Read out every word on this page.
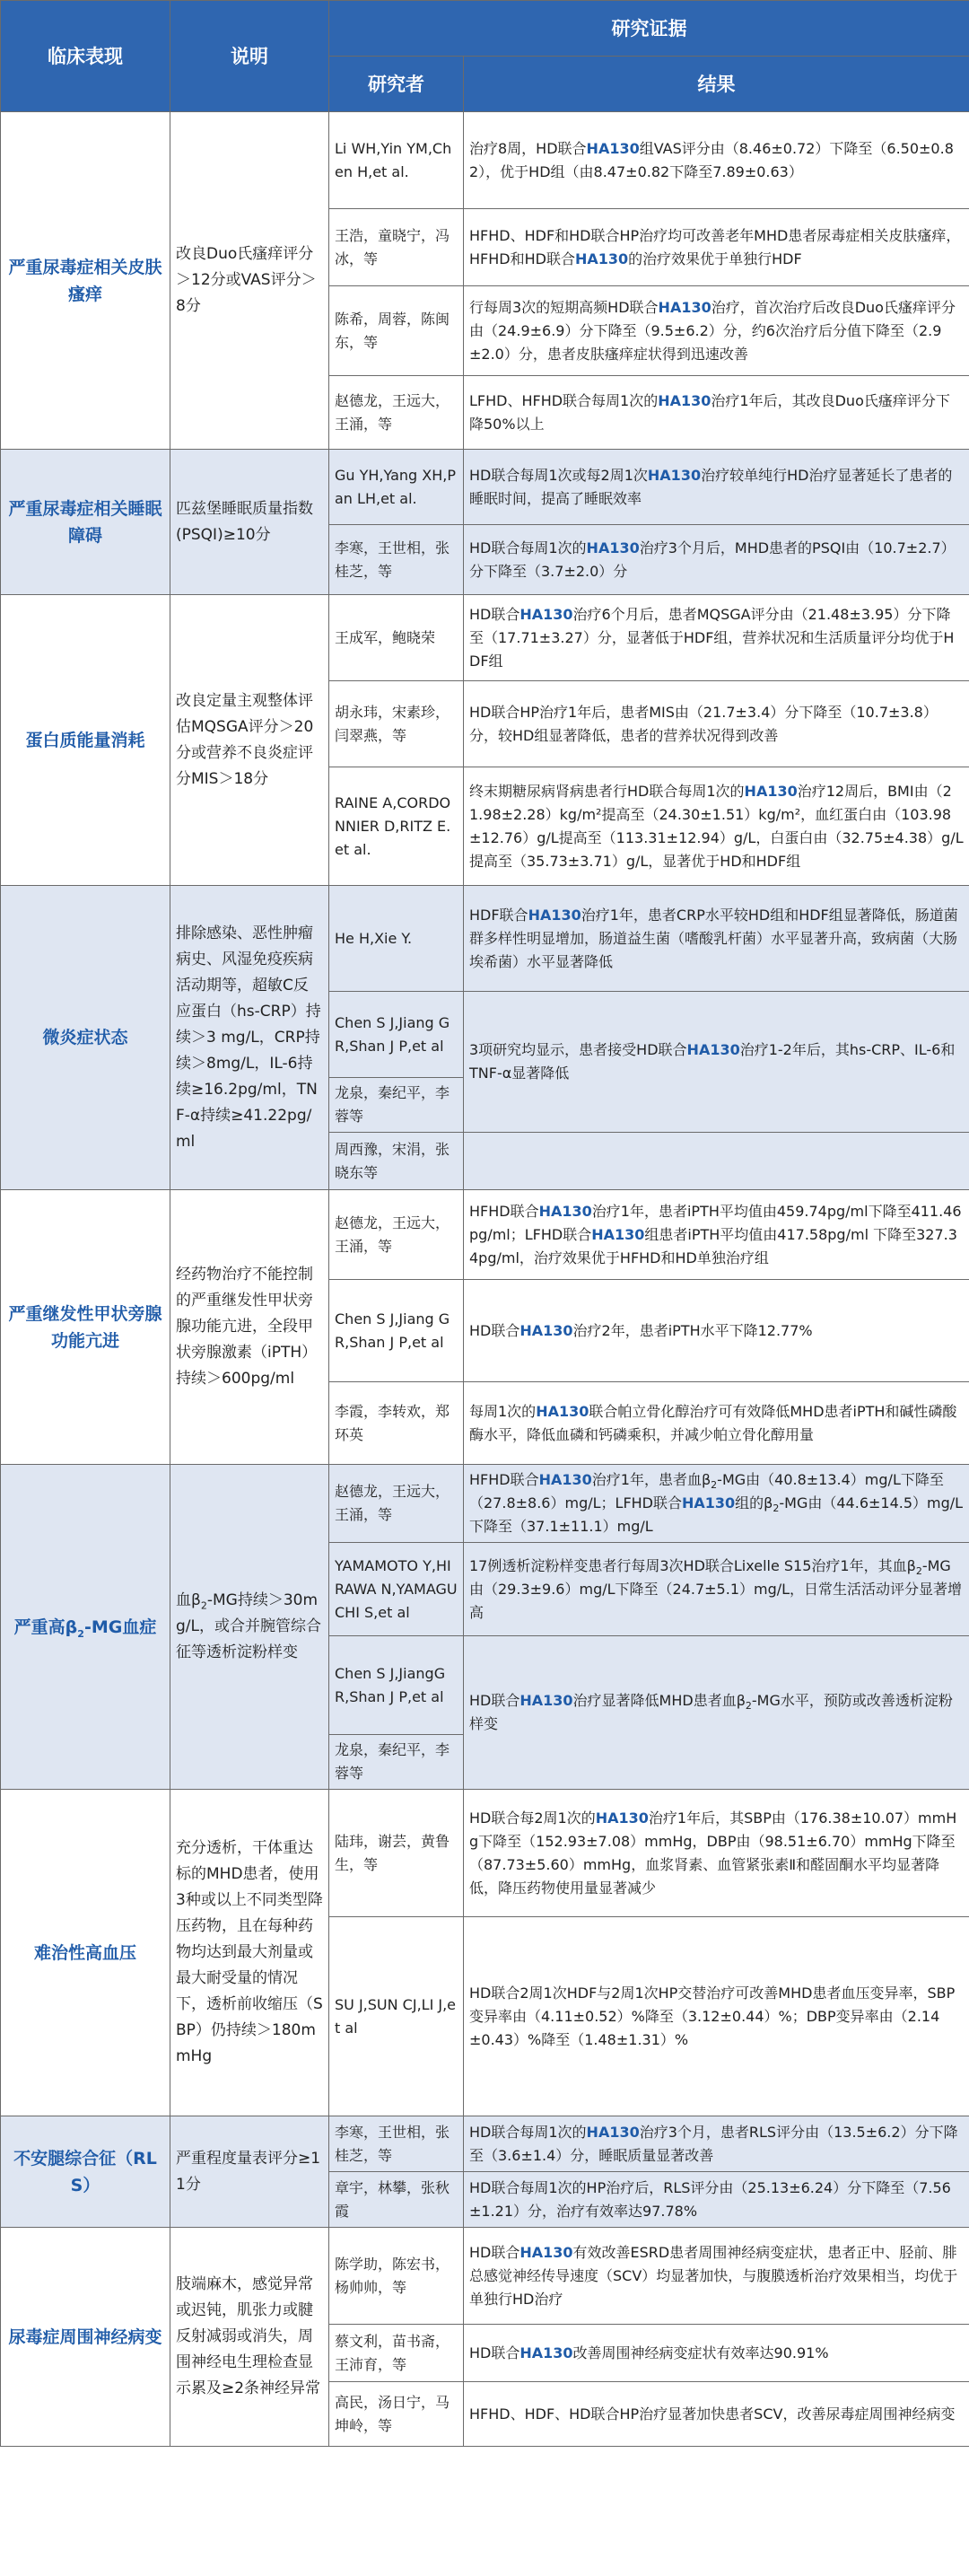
临床表现	说明	研究证据	
		研究者	结果
严重尿毒症相关皮肤瘙痒	改良Duo氏瘙痒评分＞12分或VAS评分＞8分	Li WH,Yin YM,Chen H,et al.	治疗8周，HD联合HA130组VAS评分由（8.46±0.72）下降至（6.50±0.82），优于HD组（由8.47±0.82下降至7.89±0.63）
		王浩，童晓宁，冯冰，等	HFHD、HDF和HD联合HP治疗均可改善老年MHD患者尿毒症相关皮肤瘙痒，HFHD和HD联合HA130的治疗效果优于单独行HDF
		陈希，周蓉，陈闽东，等	行每周3次的短期高频HD联合HA130治疗，首次治疗后改良Duo氏瘙痒评分由（24.9±6.9）分下降至（9.5±6.2）分，约6次治疗后分值下降至（2.9±2.0）分，患者皮肤瘙痒症状得到迅速改善
		赵德龙，王远大，王涌，等	LFHD、HFHD联合每周1次的HA130治疗1年后，其改良Duo氏瘙痒评分下降50%以上
严重尿毒症相关睡眠障碍	匹兹堡睡眠质量指数(PSQI)≥10分	Gu YH,Yang XH,Pan LH,et al.	HD联合每周1次或每2周1次HA130治疗较单纯行HD治疗显著延长了患者的睡眠时间，提高了睡眠效率
		李寒，王世相，张桂芝，等	HD联合每周1次的HA130治疗3个月后，MHD患者的PSQI由（10.7±2.7）分下降至（3.7±2.0）分
蛋白质能量消耗	改良定量主观整体评估MQSGA评分＞20分或营养不良炎症评分MIS＞18分	王成军，鲍晓荣	HD联合HA130治疗6个月后，患者MQSGA评分由（21.48±3.95）分下降至（17.71±3.27）分，显著低于HDF组，营养状况和生活质量评分均优于HDF组
		胡永玮，宋素珍，闫翠燕，等	HD联合HP治疗1年后，患者MIS由（21.7±3.4）分下降至（10.7±3.8）分，较HD组显著降低，患者的营养状况得到改善
		RAINE A,CORDONNIER D,RITZ E.et al.	终末期糖尿病肾病患者行HD联合每周1次的HA130治疗12周后，BMI由（21.98±2.28）kg/m²提高至（24.30±1.51）kg/m²，血红蛋白由（103.98±12.76）g/L提高至（113.31±12.94）g/L，白蛋白由（32.75±4.38）g/L提高至（35.73±3.71）g/L，显著优于HD和HDF组
微炎症状态	排除感染、恶性肿瘤病史、风湿免疫疾病活动期等，超敏C反应蛋白（hs-CRP）持续＞3 mg/L，CRP持续＞8mg/L，IL-6持续≥16.2pg/ml，TNF-α持续≥41.22pg/ml	He H,Xie Y.	HDF联合HA130治疗1年，患者CRP水平较HD组和HDF组显著降低，肠道菌群多样性明显增加，肠道益生菌（嗜酸乳杆菌）水平显著升高，致病菌（大肠埃希菌）水平显著降低
		Chen S J,Jiang G R,Shan J P,et al	3项研究均显示，患者接受HD联合HA130治疗1-2年后，其hs-CRP、IL-6和TNF-α显著降低
		龙泉，秦纪平，李蓉等	
		周西豫，宋涓，张晓东等	
严重继发性甲状旁腺功能亢进	经药物治疗不能控制的严重继发性甲状旁腺功能亢进，全段甲状旁腺激素（iPTH）持续＞600pg/ml	赵德龙，王远大，王涌，等	HFHD联合HA130治疗1年，患者iPTH平均值由459.74pg/ml下降至411.46pg/ml；LFHD联合HA130组患者iPTH平均值由417.58pg/ml 下降至327.34pg/ml，治疗效果优于HFHD和HD单独治疗组
		Chen S J,Jiang G R,Shan J P,et al	HD联合HA130治疗2年，患者iPTH水平下降12.77%
		李霞，李转欢，郑环英	每周1次的HA130联合帕立骨化醇治疗可有效降低MHD患者iPTH和碱性磷酸酶水平，降低血磷和钙磷乘积，并减少帕立骨化醇用量
严重高$\beta_2-MG$血症	血$\beta_2-MG$持续＞30mg/L，或合并腕管综合征等透析淀粉样变	赵德龙，王远大，王涌，等	HFHD联合HA130治疗1年，患者血$\beta_2-MG$由（40.8±13.4）mg/L下降至（27.8±8.6）mg/L；LFHD联合HA130组的$\beta_2-MG$由（44.6±14.5）mg/L下降至（37.1±11.1）mg/L
		YAMAMOTO Y,HIRAWA N,YAMAGUCHI S,et al	17例透析淀粉样变患者行每周3次HD联合Lixelle S15治疗1年，其血$\beta_2-MG$由（29.3±9.6）mg/L下降至（24.7±5.1）mg/L，日常生活活动评分显著增高
		Chen S J,JiangG R,Shan J P,et al	HD联合HA130治疗显著降低MHD患者血$\beta_2-MG$水平，预防或改善透析淀粉样变
		龙泉，秦纪平，李蓉等	
难治性高血压	充分透析，干体重达标的MHD患者，使用3种或以上不同类型降压药物，且在每种药物均达到最大剂量或最大耐受量的情况下，透析前收缩压（SBP）仍持续＞180mmHg	陆玮，谢芸，黄鲁生，等	HD联合每2周1次的HA130治疗1年后，其SBP由（176.38±10.07）mmHg下降至（152.93±7.08）mmHg，DBP由（98.51±6.70）mmHg下降至（87.73±5.60）mmHg，血浆肾素、血管紧张素Ⅱ和醛固酮水平均显著降低，降压药物使用量显著减少
		SU J,SUN CJ,LI J,et al	HD联合2周1次HDF与2周1次HP交替治疗可改善MHD患者血压变异率，SBP变异率由（4.11±0.52）%降至（3.12±0.44）%；DBP变异率由（2.14±0.43）%降至（1.48±1.31）%
不安腿综合征（RLS）	严重程度量表评分≥11分	李寒，王世相，张桂芝，等	HD联合每周1次的HA130治疗3个月，患者RLS评分由（13.5±6.2）分下降至（3.6±1.4）分，睡眠质量显著改善
		章宇，林攀，张秋霞	HD联合每周1次的HP治疗后，RLS评分由（25.13±6.24）分下降至（7.56±1.21）分，治疗有效率达97.78%
尿毒症周围神经病变	肢端麻木，感觉异常或迟钝，肌张力或腱反射减弱或消失，周围神经电生理检查显示累及≥2条神经异常	陈学助，陈宏书，杨帅帅，等	HD联合HA130有效改善ESRD患者周围神经病变症状，患者正中、胫前、腓总感觉神经传导速度（SCV）均显著加快，与腹膜透析治疗效果相当，均优于单独行HD治疗
		蔡文利，苗书斋，王沛育，等	HD联合HA130改善周围神经病变症状有效率达90.91%
		高民，汤日宁，马坤岭，等	HFHD、HDF、HD联合HP治疗显著加快患者SCV，改善尿毒症周围神经病变
